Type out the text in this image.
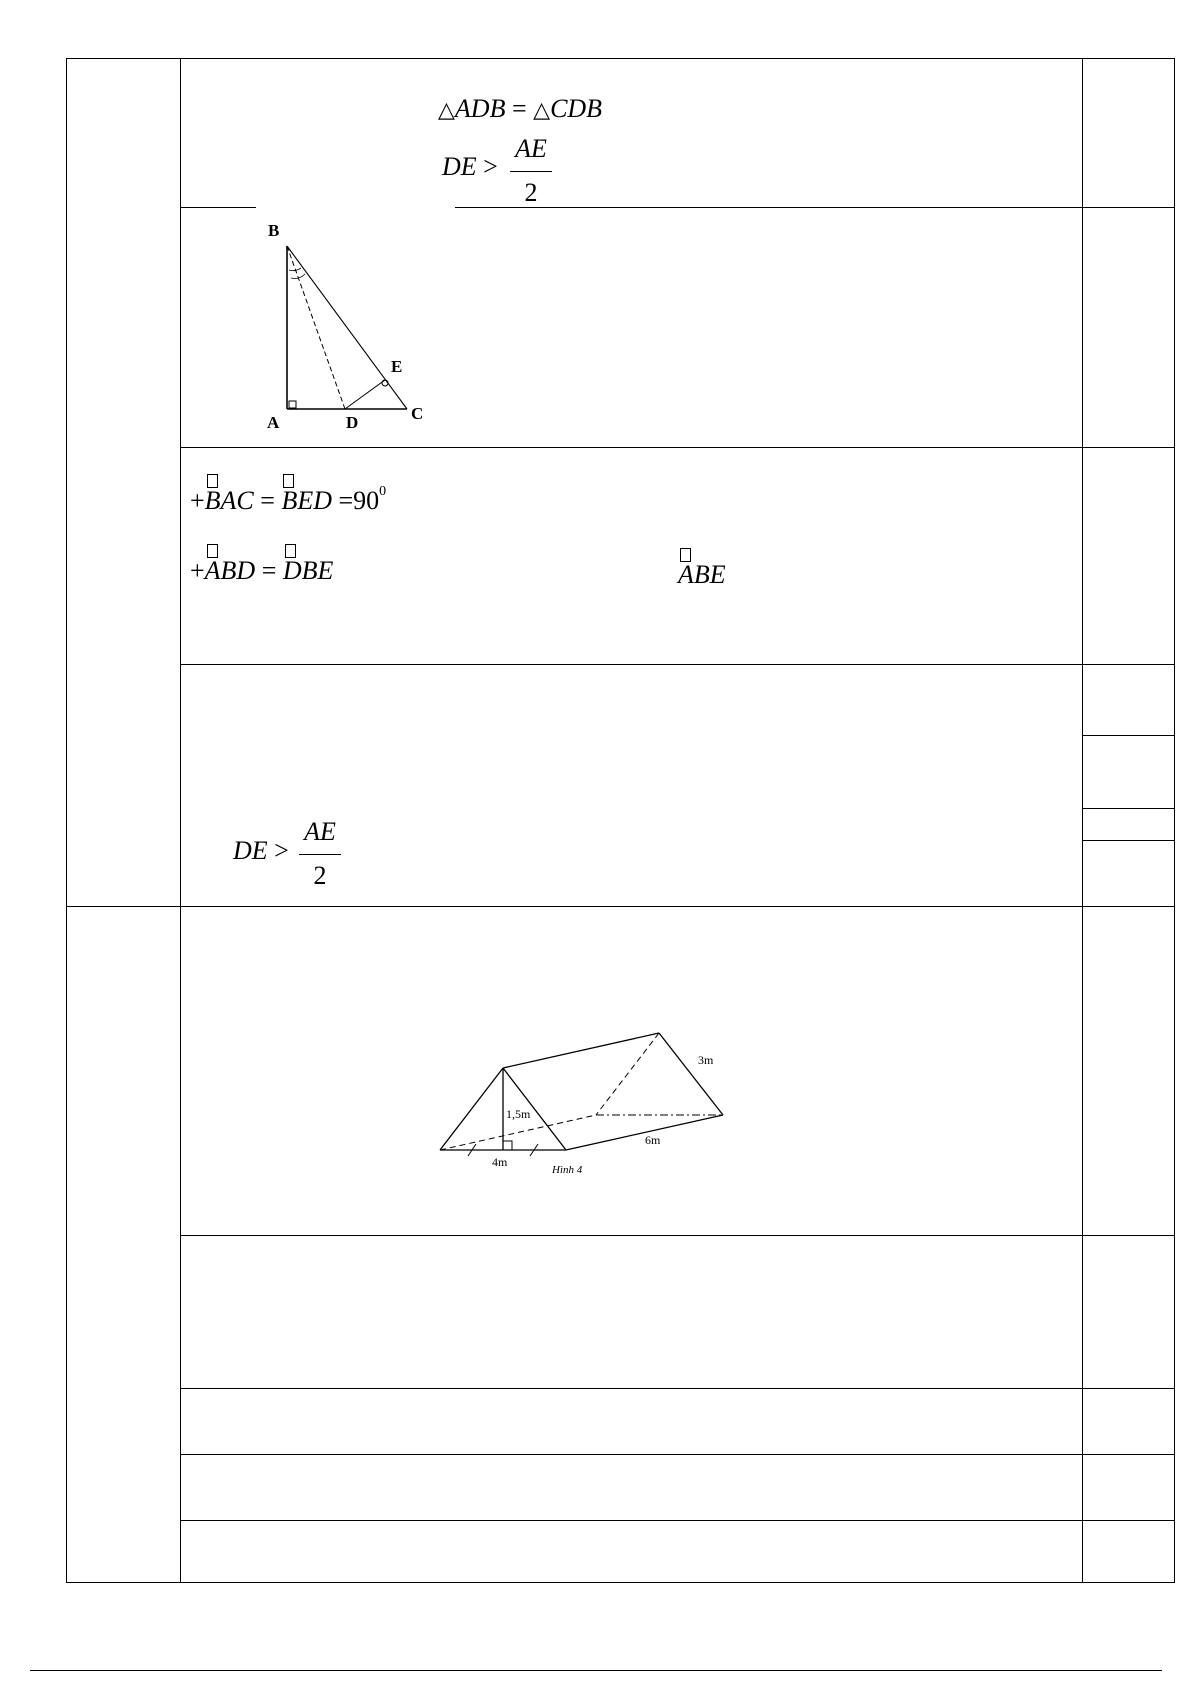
△ADB = △CDB
DE >
AE
2
B
E
A	D	C
+
BAC = BED $=90^0$
+
ABD = DBE	ABE
DE >
AE
2
1,5m
4m
3m
6m
Hình 4
